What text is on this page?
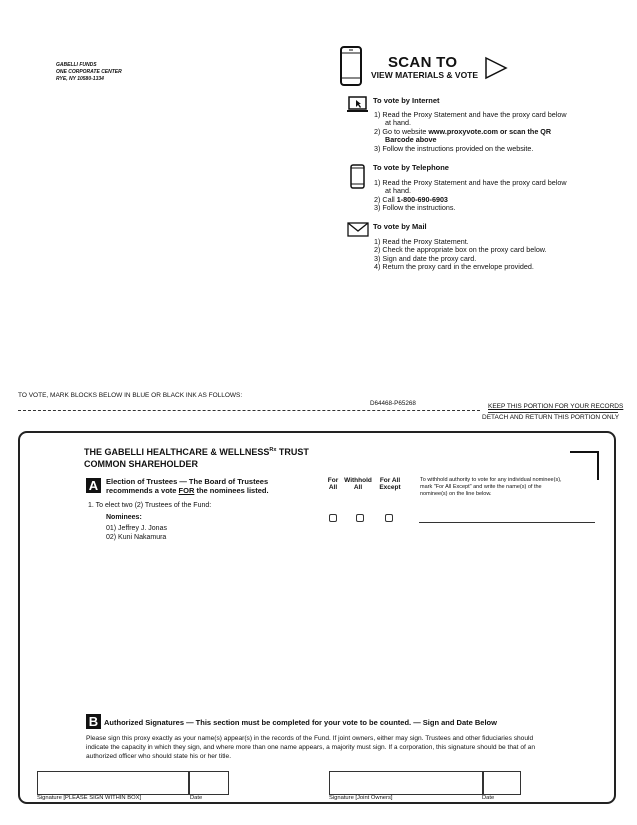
GABELLI FUNDS
ONE CORPORATE CENTER
RYE, NY 10580-1334
SCAN TO
VIEW MATERIALS & VOTE
To vote by Internet
1) Read the Proxy Statement and have the proxy card below at hand.
2) Go to website www.proxyvote.com or scan the QR Barcode above
3) Follow the instructions provided on the website.
To vote by Telephone
1) Read the Proxy Statement and have the proxy card below at hand.
2) Call 1-800-690-6903
3) Follow the instructions.
To vote by Mail
1) Read the Proxy Statement.
2) Check the appropriate box on the proxy card below.
3) Sign and date the proxy card.
4) Return the proxy card in the envelope provided.
TO VOTE, MARK BLOCKS BELOW IN BLUE OR BLACK INK AS FOLLOWS:
D64468-P65268	KEEP THIS PORTION FOR YOUR RECORDS
DETACH AND RETURN THIS PORTION ONLY
THE GABELLI HEALTHCARE & $WELLNESS^{Rx}$ TRUST
COMMON SHAREHOLDER
A	Election of Trustees — The Board of Trustees
recommends a vote FOR the nominees listed.
For
All
Withhold
All
For All
Except
To withhold authority to vote for any individual nominee(s), mark "For All Except" and write the name(s) of the nominee(s) on the line below.
1. To elect two (2) Trustees of the Fund:
Nominees:
01) Jeffrey J. Jonas
02) Kuni Nakamura
B Authorized Signatures — This section must be completed for your vote to be counted. — Sign and Date Below
Please sign this proxy exactly as your name(s) appear(s) in the records of the Fund. If joint owners, either may sign. Trustees and other fiduciaries should indicate the capacity in which they sign, and where more than one name appears, a majority must sign. If a corporation, this signature should be that of an authorized officer who should state his or her title.
Signature [PLEASE SIGN WITHIN BOX]	Date	Signature [Joint Owners]	Date
